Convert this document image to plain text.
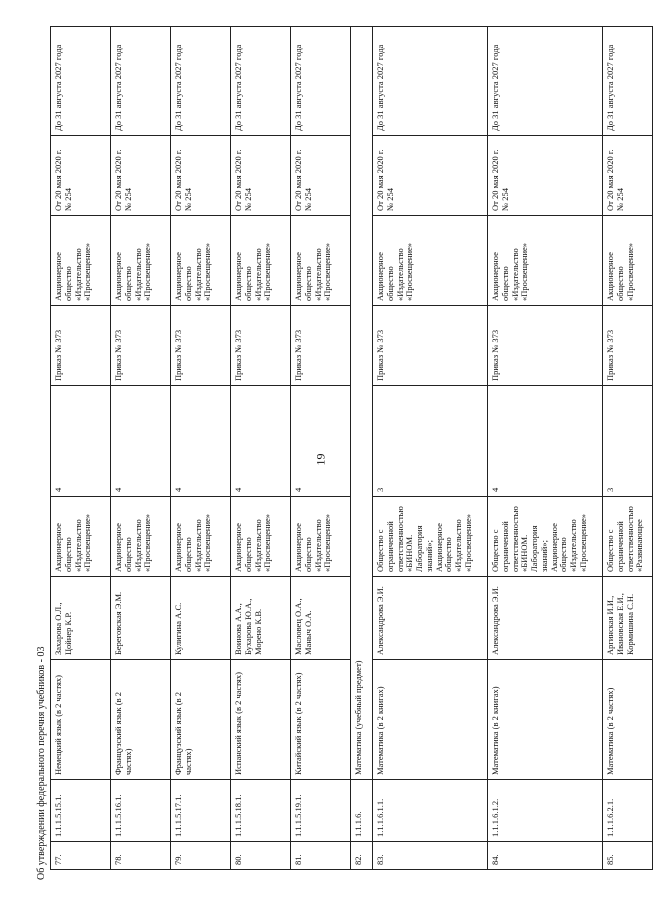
19
77.	1.1.1.5.15.1.	Немецкий язык (в 2 частях)	Захарова О.Л., Цойнер К.Р.	Акционерное общество «Издательство «Просвещение»	4	Приказ № 373	Акционерное общество «Издательство «Просвещение»	От 20 мая 2020 г. № 254	До 31 августа 2027 года
78.	1.1.1.5.16.1.	Французский язык (в 2 частях)	Береговская Э.М.	Акционерное общество «Издательство «Просвещение»	4	Приказ № 373	Акционерное общество «Издательство «Просвещение»	От 20 мая 2020 г. № 254	До 31 августа 2027 года
79.	1.1.1.5.17.1.	Французский язык (в 2 частях)	Кулигина А.С.	Акционерное общество «Издательство «Просвещение»	4	Приказ № 373	Акционерное общество «Издательство «Просвещение»	От 20 мая 2020 г. № 254	До 31 августа 2027 года
80.	1.1.1.5.18.1.	Испанский язык (в 2 частях)	Воинова А.А., Бухарова Ю.А., Морено К.В.	Акционерное общество «Издательство «Просвещение»	4	Приказ № 373	Акционерное общество «Издательство «Просвещение»	От 20 мая 2020 г. № 254	До 31 августа 2027 года
81.	1.1.1.5.19.1.	Китайский язык (в 2 частях)	Масловец О.А., Маныч О.А.	Акционерное общество «Издательство «Просвещение»	4	Приказ № 373	Акционерное общество «Издательство «Просвещение»	От 20 мая 2020 г. № 254	До 31 августа 2027 года
82.	1.1.1.6.	Математика (учебный предмет)							
83.	1.1.1.6.1.1.	Математика (в 2 книгах)	Александрова Э.И.	Общество с ограниченной ответственностью «БИНОМ. Лаборатория знаний»; Акционерное общество «Издательство «Просвещение»	3	Приказ № 373	Акционерное общество «Издательство «Просвещение»	От 20 мая 2020 г. № 254	До 31 августа 2027 года
84.	1.1.1.6.1.2.	Математика (в 2 книгах)	Александрова Э.И.	Общество с ограниченной ответственностью «БИНОМ. Лаборатория знаний»; Акционерное общество «Издательство «Просвещение»	4	Приказ № 373	Акционерное общество «Издательство «Просвещение»	От 20 мая 2020 г. № 254	До 31 августа 2027 года
85.	1.1.1.6.2.1.	Математика (в 2 частях)	Аргинская И.И., Ивановская Е.И., Кормишина С.Н.	Общество с ограниченной ответственностью «Развивающее	3	Приказ № 373	Акционерное общество «Просвещение»	От 20 мая 2020 г. № 254	До 31 августа 2027 года
Об утверждении федерального перечня учебников - 03
